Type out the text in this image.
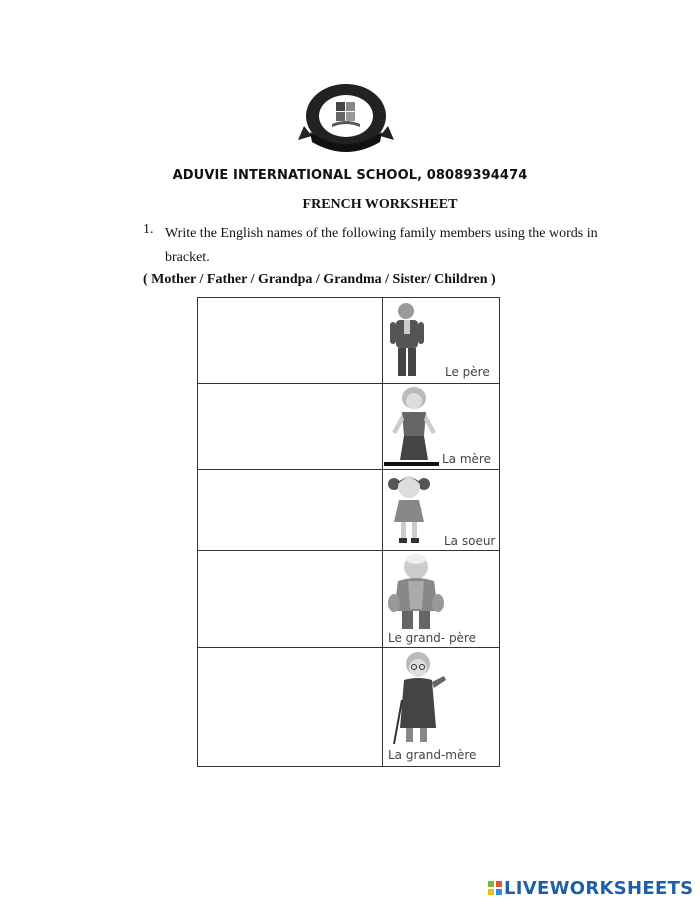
ADUVIE INTERNATIONAL SCHOOL, 08089394474
FRENCH WORKSHEET
1. Write the English names of the following family members using the words in bracket.
( Mother / Father / Grandpa / Grandma / Sister/ Children )
Le père
La mère
La soeur
Le grand- père
La grand-mère
LIVEWORKSHEETS
